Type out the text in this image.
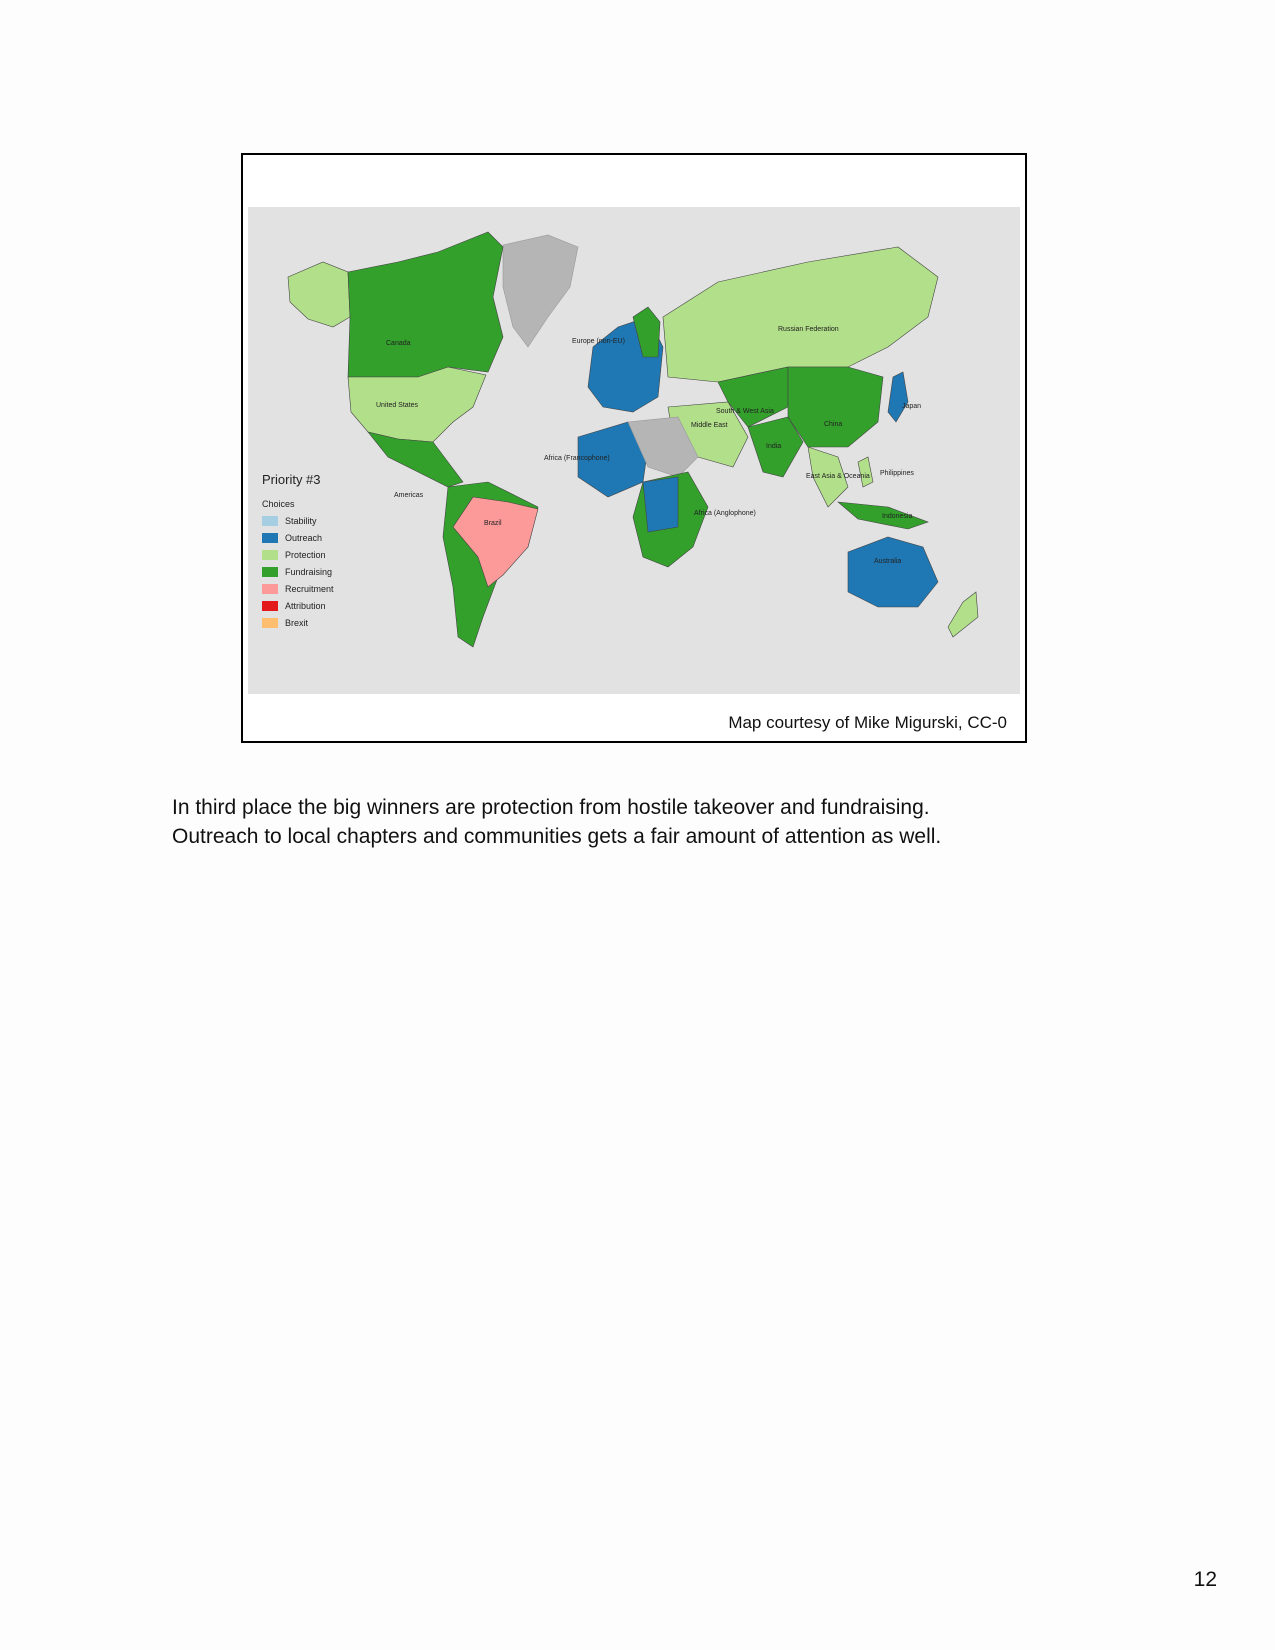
Canada
United States
Americas
Brazil
Europe (non-EU)
Russian Federation
Africa (Francophone)
Africa (Anglophone)
Middle East
South & West Asia
China
Japan
India
East Asia & Oceania Philippines
Indonesia
Australia
Priority #3
Choices
Stability
Outreach
Protection
Fundraising
Recruitment
Attribution
Brexit
Map courtesy of Mike Migurski, CC-0
In third place the big winners are protection from hostile takeover and fundraising.
Outreach to local chapters and communities gets a fair amount of attention as well.
12
